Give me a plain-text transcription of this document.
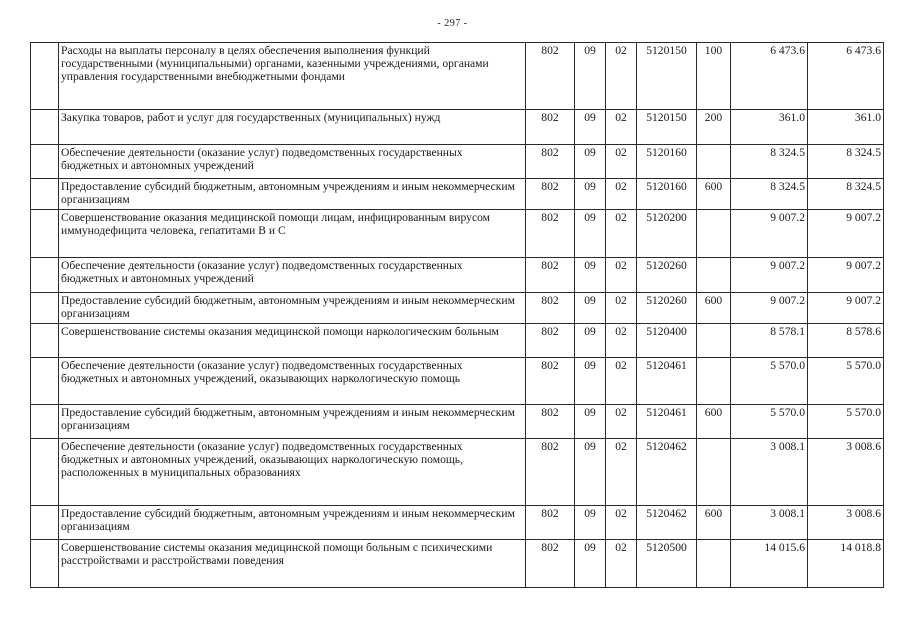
- 297 -
	Расходы на выплаты персоналу в целях обеспечения выполнения функций государственными (муниципальными) органами, казенными учреждениями, органами управления государственными внебюджетными фондами	802	09	02	5120150	100	6 473.6	6 473.6
	Закупка товаров, работ и услуг для государственных (муниципальных) нужд	802	09	02	5120150	200	361.0	361.0
	Обеспечение деятельности (оказание услуг) подведомственных государственных бюджетных и автономных учреждений	802	09	02	5120160		8 324.5	8 324.5
	Предоставление субсидий бюджетным, автономным учреждениям и иным некоммерческим организациям	802	09	02	5120160	600	8 324.5	8 324.5
	Совершенствование оказания медицинской помощи лицам, инфицированным вирусом иммунодефицита человека, гепатитами В и С	802	09	02	5120200		9 007.2	9 007.2
	Обеспечение деятельности (оказание услуг) подведомственных государственных бюджетных и автономных учреждений	802	09	02	5120260		9 007.2	9 007.2
	Предоставление субсидий бюджетным, автономным учреждениям и иным некоммерческим организациям	802	09	02	5120260	600	9 007.2	9 007.2
	Совершенствование системы оказания медицинской помощи наркологическим больным	802	09	02	5120400		8 578.1	8 578.6
	Обеспечение деятельности (оказание услуг) подведомственных государственных бюджетных и автономных учреждений, оказывающих наркологическую помощь	802	09	02	5120461		5 570.0	5 570.0
	Предоставление субсидий бюджетным, автономным учреждениям и иным некоммерческим организациям	802	09	02	5120461	600	5 570.0	5 570.0
	Обеспечение деятельности (оказание услуг) подведомственных государственных бюджетных и автономных учреждений, оказывающих наркологическую помощь, расположенных в муниципальных образованиях	802	09	02	5120462		3 008.1	3 008.6
	Предоставление субсидий бюджетным, автономным учреждениям и иным некоммерческим организациям	802	09	02	5120462	600	3 008.1	3 008.6
	Совершенствование системы оказания медицинской помощи больным с психическими расстройствами и расстройствами поведения	802	09	02	5120500		14 015.6	14 018.8
